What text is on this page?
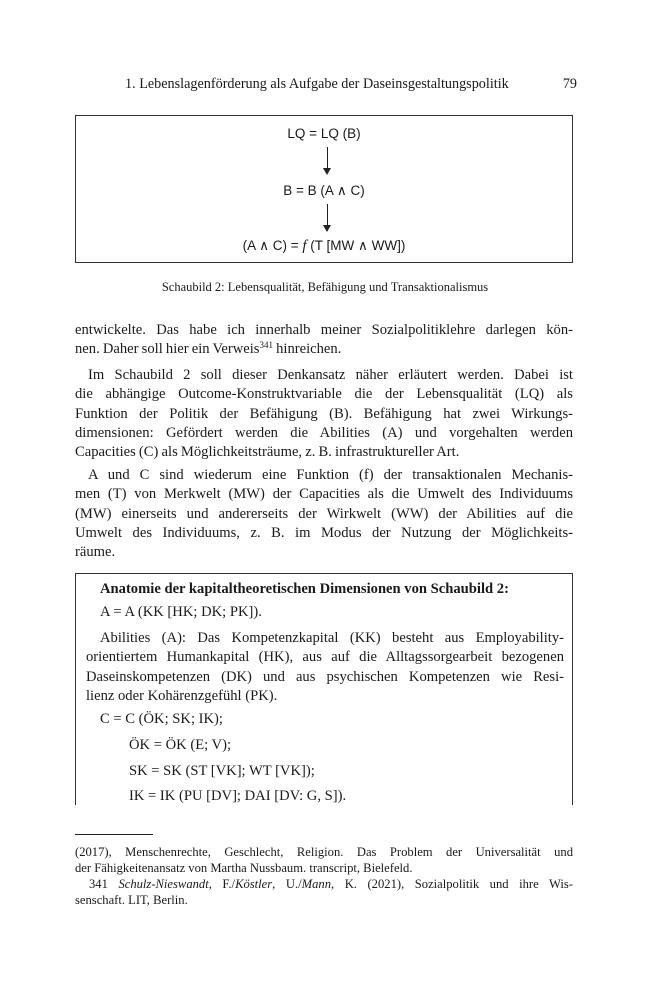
1. Lebenslagenförderung als Aufgabe der Daseinsgestaltungspolitik	79
LQ = LQ (B)
B = B (A ∧ C)
(A ∧ C) = f (T [MW ∧ WW])
Schaubild 2: Lebensqualität, Befähigung und Transaktionalismus

entwickelte. Das habe ich innerhalb meiner Sozialpolitiklehre darlegen kön-
nen. Daher soll hier ein Verweis$^{341}$ hinreichen.

Im Schaubild 2 soll dieser Denkansatz näher erläutert werden. Dabei ist
die abhängige Outcome-Konstruktvariable die der Lebensqualität (LQ) als
Funktion der Politik der Befähigung (B). Befähigung hat zwei Wirkungs-
dimensionen: Gefördert werden die Abilities (A) und vorgehalten werden
Capacities (C) als Möglichkeitsträume, z. B. infrastruktureller Art.

A und C sind wiederum eine Funktion (f) der transaktionalen Mechanis-
men (T) von Merkwelt (MW) der Capacities als die Umwelt des Individuums
(MW) einerseits und andererseits der Wirkwelt (WW) der Abilities auf die
Umwelt des Individuums, z. B. im Modus der Nutzung der Möglichkeits-
räume.

Anatomie der kapitaltheoretischen Dimensionen von Schaubild 2:
A = A (KK [HK; DK; PK]).

Abilities (A): Das Kompetenzkapital (KK) besteht aus Employability-
orientiertem Humankapital (HK), aus auf die Alltagssorgearbeit bezogenen
Daseinskompetenzen (DK) und aus psychischen Kompetenzen wie Resi-
lienz oder Kohärenzgefühl (PK).

C = C (ÖK; SK; IK);
ÖK = ÖK (E; V);
SK = SK (ST [VK]; WT [VK]);
IK = IK (PU [DV]; DAI [DV: G, S]).

(2017), Menschenrechte, Geschlecht, Religion. Das Problem der Universalität und
der Fähigkeitenansatz von Martha Nussbaum. transcript, Bielefeld.

341 Schulz-Nieswandt, F./Köstler, U./Mann, K. (2021), Sozialpolitik und ihre Wis-
senschaft. LIT, Berlin.
